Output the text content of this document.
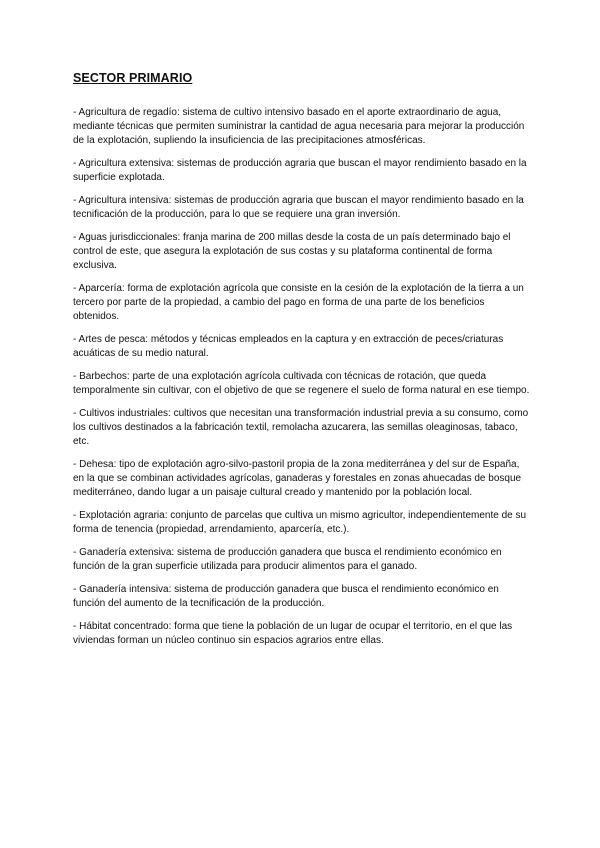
SECTOR PRIMARIO

- Agricultura de regadío: sistema de cultivo intensivo basado en el aporte extraordinario de agua, mediante técnicas que permiten suministrar la cantidad de agua necesaria para mejorar la producción de la explotación, supliendo la insuficiencia de las precipitaciones atmosféricas.

- Agricultura extensiva: sistemas de producción agraria que buscan el mayor rendimiento basado en la superficie explotada.

- Agricultura intensiva: sistemas de producción agraria que buscan el mayor rendimiento basado en la tecnificación de la producción, para lo que se requiere una gran inversión.

- Aguas jurisdiccionales: franja marina de 200 millas desde la costa de un país determinado bajo el control de este, que asegura la explotación de sus costas y su plataforma continental de forma exclusiva.

- Aparcería: forma de explotación agrícola que consiste en la cesión de la explotación de la tierra a un tercero por parte de la propiedad, a cambio del pago en forma de una parte de los beneficios obtenidos.

- Artes de pesca: métodos y técnicas empleados en la captura y en extracción de peces/criaturas acuáticas de su medio natural.

- Barbechos: parte de una explotación agrícola cultivada con técnicas de rotación, que queda temporalmente sin cultivar, con el objetivo de que se regenere el suelo de forma natural en ese tiempo.

- Cultivos industriales: cultivos que necesitan una transformación industrial previa a su consumo, como los cultivos destinados a la fabricación textil, remolacha azucarera, las semillas oleaginosas, tabaco, etc.

- Dehesa: tipo de explotación agro-silvo-pastoril propia de la zona mediterránea y del sur de España, en la que se combinan actividades agrícolas, ganaderas y forestales en zonas ahuecadas de bosque mediterráneo, dando lugar a un paisaje cultural creado y mantenido por la población local.

- Explotación agraria: conjunto de parcelas que cultiva un mismo agricultor, independientemente de su forma de tenencia (propiedad, arrendamiento, aparcería, etc.).

- Ganadería extensiva: sistema de producción ganadera que busca el rendimiento económico en función de la gran superficie utilizada para producir alimentos para el ganado.

- Ganadería intensiva: sistema de producción ganadera que busca el rendimiento económico en función del aumento de la tecnificación de la producción.

- Hábitat concentrado: forma que tiene la población de un lugar de ocupar el territorio, en el que las viviendas forman un núcleo continuo sin espacios agrarios entre ellas.
